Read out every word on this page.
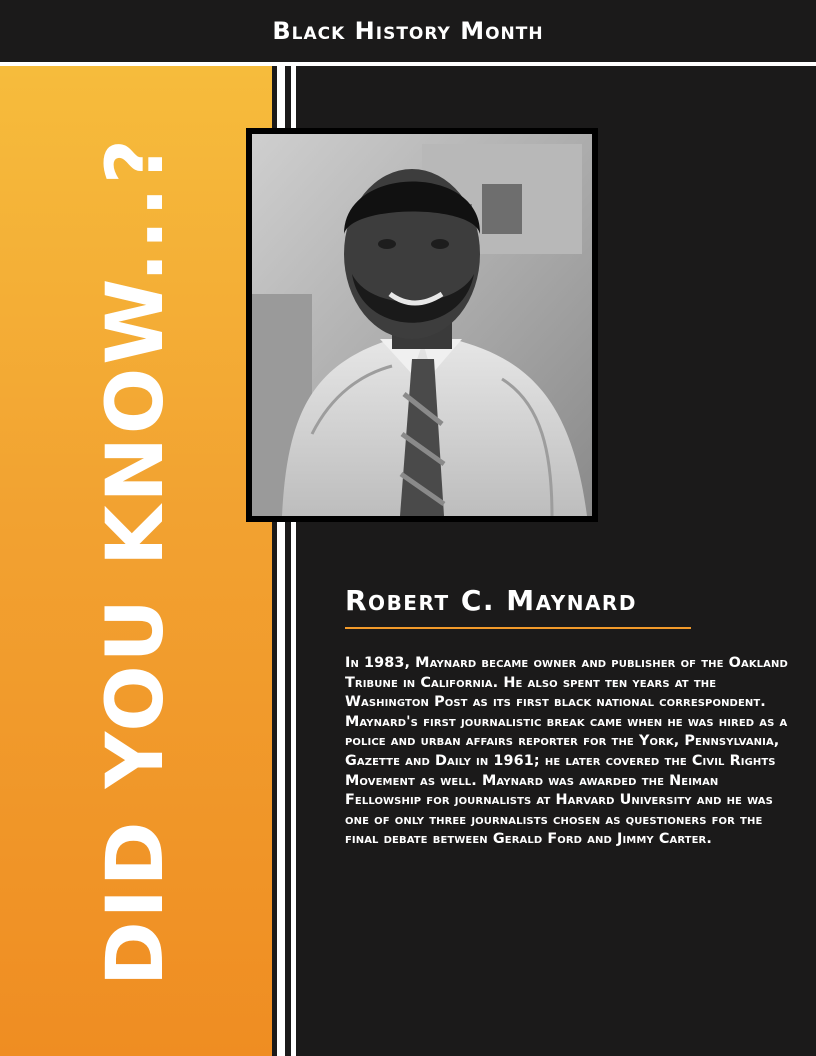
Black History Month
DID YOU KNOW...?	Robert C. Maynard

In 1983, Maynard became owner and publisher of the Oakland Tribune in California. He also spent ten years at the Washington Post as its first black national correspondent. Maynard's first journalistic break came when he was hired as a police and urban affairs reporter for the York, Pennsylvania, Gazette and Daily in 1961; he later covered the Civil Rights Movement as well. Maynard was awarded the Neiman Fellowship for journalists at Harvard University and he was one of only three journalists chosen as questioners for the final debate between Gerald Ford and Jimmy Carter.
